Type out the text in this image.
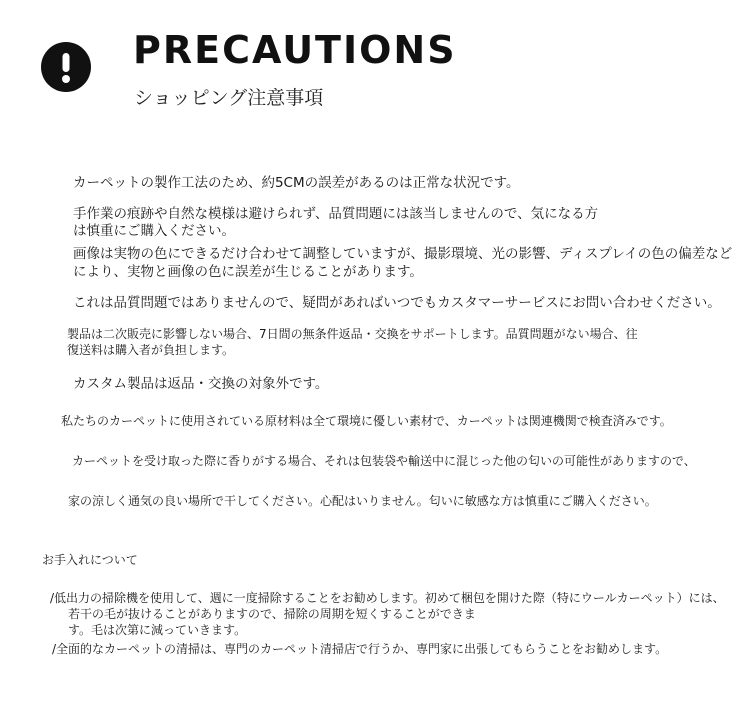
PRECAUTIONS
ショッピング注意事項
カーペットの製作工法のため、約5CMの誤差があるのは正常な状況です。
手作業の痕跡や自然な模様は避けられず、品質問題には該当しませんので、気になる方
は慎重にご購入ください。
画像は実物の色にできるだけ合わせて調整していますが、撮影環境、光の影響、ディスプレイの色の偏差など
により、実物と画像の色に誤差が生じることがあります。
これは品質問題ではありませんので、疑問があればいつでもカスタマーサービスにお問い合わせください。
製品は二次販売に影響しない場合、7日間の無条件返品・交換をサポートします。品質問題がない場合、往
復送料は購入者が負担します。
カスタム製品は返品・交換の対象外です。
私たちのカーペットに使用されている原材料は全て環境に優しい素材で、カーペットは関連機関で検査済みです。
カーペットを受け取った際に香りがする場合、それは包装袋や輸送中に混じった他の匂いの可能性がありますので、
家の涼しく通気の良い場所で干してください。心配はいりません。匂いに敏感な方は慎重にご購入ください。
お手入れについて
/低出力の掃除機を使用して、週に一度掃除することをお勧めします。初めて梱包を開けた際（特にウールカーペット）には、
若干の毛が抜けることがありますので、掃除の周期を短くすることができま
す。毛は次第に減っていきます。
/全面的なカーペットの清掃は、専門のカーペット清掃店で行うか、専門家に出張してもらうことをお勧めします。
